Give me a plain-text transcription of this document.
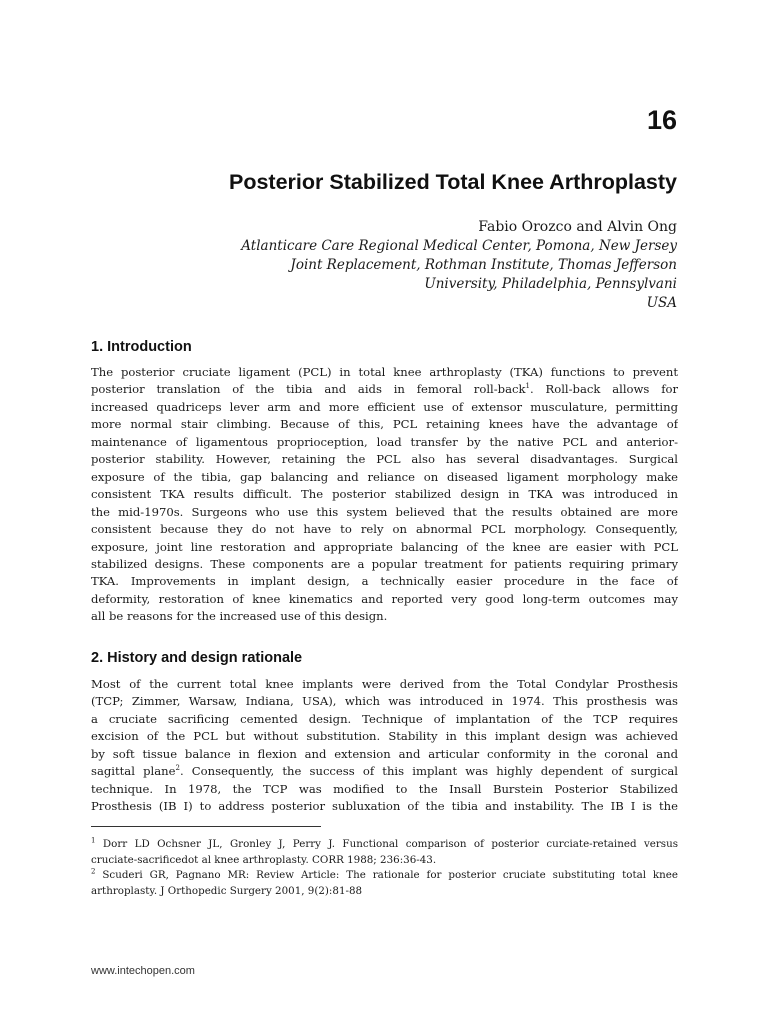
16
Posterior Stabilized Total Knee Arthroplasty
Fabio Orozco and Alvin Ong
Atlanticare Care Regional Medical Center, Pomona, New Jersey
Joint Replacement, Rothman Institute, Thomas Jefferson
University, Philadelphia, Pennsylvani
USA
1. Introduction
The posterior cruciate ligament (PCL) in total knee arthroplasty (TKA) functions to prevent
posterior translation of the tibia and aids in femoral roll-back$^1$. Roll-back allows for
increased quadriceps lever arm and more efficient use of extensor musculature, permitting
more normal stair climbing. Because of this, PCL retaining knees have the advantage of
maintenance of ligamentous proprioception, load transfer by the native PCL and anterior-
posterior stability. However, retaining the PCL also has several disadvantages. Surgical
exposure of the tibia, gap balancing and reliance on diseased ligament morphology make
consistent TKA results difficult. The posterior stabilized design in TKA was introduced in
the mid-1970s. Surgeons who use this system believed that the results obtained are more
consistent because they do not have to rely on abnormal PCL morphology. Consequently,
exposure, joint line restoration and appropriate balancing of the knee are easier with PCL
stabilized designs. These components are a popular treatment for patients requiring primary
TKA. Improvements in implant design, a technically easier procedure in the face of
deformity, restoration of knee kinematics and reported very good long-term outcomes may
all be reasons for the increased use of this design.
2. History and design rationale
Most of the current total knee implants were derived from the Total Condylar Prosthesis
(TCP; Zimmer, Warsaw, Indiana, USA), which was introduced in 1974. This prosthesis was
a cruciate sacrificing cemented design. Technique of implantation of the TCP requires
excision of the PCL but without substitution. Stability in this implant design was achieved
by soft tissue balance in flexion and extension and articular conformity in the coronal and
sagittal plane$^2$. Consequently, the success of this implant was highly dependent of surgical
technique. In 1978, the TCP was modified to the Insall Burstein Posterior Stabilized
Prosthesis (IB I) to address posterior subluxation of the tibia and instability. The IB I is the
$^1$ Dorr LD Ochsner JL, Gronley J, Perry J. Functional comparison of posterior curciate-retained versus
cruciate-sacrificedot al knee arthroplasty. CORR 1988; 236:36-43.
$^2$ Scuderi GR, Pagnano MR: Review Article: The rationale for posterior cruciate substituting total knee
arthroplasty. J Orthopedic Surgery 2001, 9(2):81-88
www.intechopen.com
